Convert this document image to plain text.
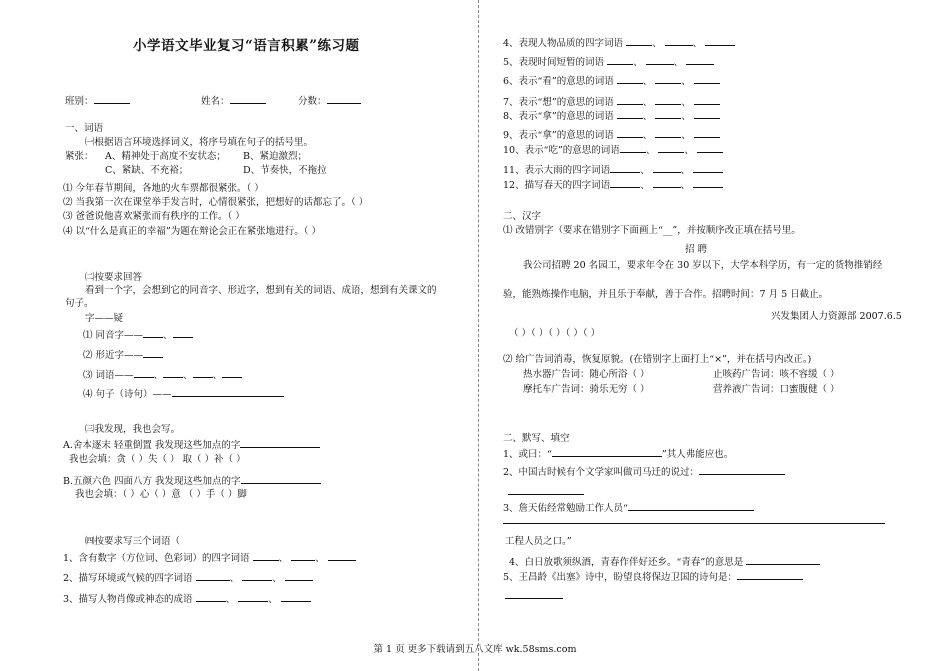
小学语文毕业复习“语言积累”练习题
班别：	姓名：	分数：
一、词语
㈠根据语言环境选择词义，将序号填在句子的括号里。
紧张： A、精神处于高度不安状态； B、紧迫激烈；
C、紧缺、不充裕；	D、节奏快，不拖拉
⑴ 今年春节期间，各地的火车票都很紧张。（ ）
⑵ 当我第一次在课堂举手发言时，心情很紧张，把想好的话都忘了。（ ）
⑶ 爸爸说他喜欢紧张而有秩序的工作。（ ）
⑷ 以“什么是真正的幸福”为题在辩论会正在紧张地进行。（ ）
㈡按要求回答
看到一个字，会想到它的同音字、形近字，想到有关的词语、成语，想到有关课文的
句子。
字——疑
⑴ 同音字—— 、
⑵ 形近字——
⑶ 词语—— 、 、 、
⑷ 句子（诗句）——
㈢我发现，我也会写。
A.舍本逐末 轻重倒置 我发现这些加点的字
我也会填：贪（ ）失（ ） 取（ ）补（ ）
B.五颜六色 四面八方 我发现这些加点的字
我也会填：（ ）心（ ）意 （ ）手（ ）脚
㈣按要求写三个词语（
1、含有数字（方位词、色彩词）的四字词语	、	、
2、描写环境或气候的四字词语	、	、
3、描写人物肖像或神态的成语	、	、
4、表现人物品质的四字词语	、	、
5、表现时间短暂的词语	、	、
6、表示“看”的意思的词语	、	、
7、表示“想”的意思的词语	、	、
8、表示“拿”的意思的词语	、	、
9、表示“拿”的意思的词语	、	、
10、表示“吃”的意思的词语	、	、
11、表示大雨的四字词语	、	、
12、描写春天的四字词语	、	、
二、汉字
⑴ 改错别字（要求在错别字下面画上“__”，并按顺序改正填在括号里。
招 聘
我公司招聘 20 名园工，要求年令在 30 岁以下，大学本科学历，有一定的货物推销经
验，能熟炼操作电脑，并且乐于奉献，善于合作。招聘时间：7 月 5 日截止。
兴发集团人力资源部 2007.6.5
（ ）（ ）（ ）（ ）（ ）
⑵ 给广告词消毒，恢复原貌。(在错别字上面打上“×”，并在括号内改正。)
热水器广告词：随心所浴（ ）	止咳药广告词：咳不容缓（ ）
摩托车广告词：骑乐无穷（ ）	营养液广告词：口蜜腹健（ ）
二、默写、填空
1、或曰：“	”其人弗能应也。
2、中国古时候有个文学家叫做司马迁的说过：
3、詹天佑经常勉励工作人员“
工程人员之口。”
4、白日放歌须纵酒，青春作伴好还乡。“青春”的意思是
5、王昌龄《出塞》诗中，盼望良将保边卫国的诗句是：
第 1 页 更多下载请到五八文库 wk.58sms.com
